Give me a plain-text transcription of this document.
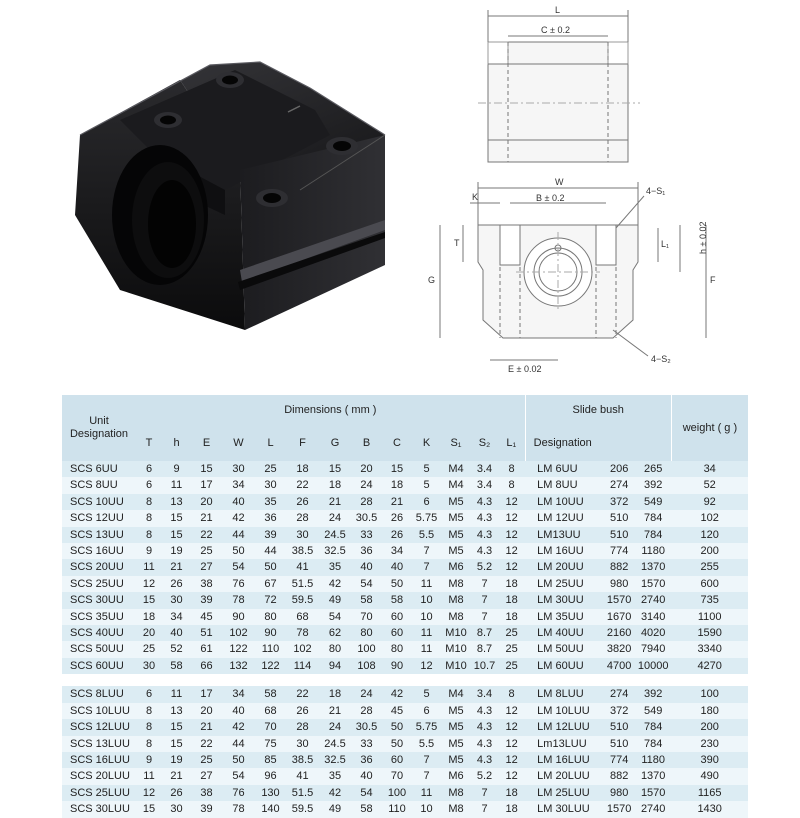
L
C ± 0.2
W
K	B ± 0.2
4−S₁
T	L₁	h ± 0.02
F
G
E ± 0.02
4−S₂
Unit Designation	Dimensions ( mm )													Slide bush			weight ( g )
	T	h	E	W	L	F	G	B	C	K	S₁	S₂	L₁	Designation			
SCS 6UU	6	9	15	30	25	18	15	20	15	5	M4	3.4	8	LM 6UU	206	265	34
SCS 8UU	6	11	17	34	30	22	18	24	18	5	M4	3.4	8	LM 8UU	274	392	52
SCS 10UU	8	13	20	40	35	26	21	28	21	6	M5	4.3	12	LM 10UU	372	549	92
SCS 12UU	8	15	21	42	36	28	24	30.5	26	5.75	M5	4.3	12	LM 12UU	510	784	102
SCS 13UU	8	15	22	44	39	30	24.5	33	26	5.5	M5	4.3	12	LM13UU	510	784	120
SCS 16UU	9	19	25	50	44	38.5	32.5	36	34	7	M5	4.3	12	LM 16UU	774	1180	200
SCS 20UU	11	21	27	54	50	41	35	40	40	7	M6	5.2	12	LM 20UU	882	1370	255
SCS 25UU	12	26	38	76	67	51.5	42	54	50	11	M8	7	18	LM 25UU	980	1570	600
SCS 30UU	15	30	39	78	72	59.5	49	58	58	10	M8	7	18	LM 30UU	1570	2740	735
SCS 35UU	18	34	45	90	80	68	54	70	60	10	M8	7	18	LM 35UU	1670	3140	1100
SCS 40UU	20	40	51	102	90	78	62	80	60	11	M10	8.7	25	LM 40UU	2160	4020	1590
SCS 50UU	25	52	61	122	110	102	80	100	80	11	M10	8.7	25	LM 50UU	3820	7940	3340
SCS 60UU	30	58	66	132	122	114	94	108	90	12	M10	10.7	25	LM 60UU	4700	10000	4270

SCS 8LUU	6	11	17	34	58	22	18	24	42	5	M4	3.4	8	LM 8LUU	274	392	100
SCS 10LUU	8	13	20	40	68	26	21	28	45	6	M5	4.3	12	LM 10LUU	372	549	180
SCS 12LUU	8	15	21	42	70	28	24	30.5	50	5.75	M5	4.3	12	LM 12LUU	510	784	200
SCS 13LUU	8	15	22	44	75	30	24.5	33	50	5.5	M5	4.3	12	Lm13LUU	510	784	230
SCS 16LUU	9	19	25	50	85	38.5	32.5	36	60	7	M5	4.3	12	LM 16LUU	774	1180	390
SCS 20LUU	11	21	27	54	96	41	35	40	70	7	M6	5.2	12	LM 20LUU	882	1370	490
SCS 25LUU	12	26	38	76	130	51.5	42	54	100	11	M8	7	18	LM 25LUU	980	1570	1165
SCS 30LUU	15	30	39	78	140	59.5	49	58	110	10	M8	7	18	LM 30LUU	1570	2740	1430
